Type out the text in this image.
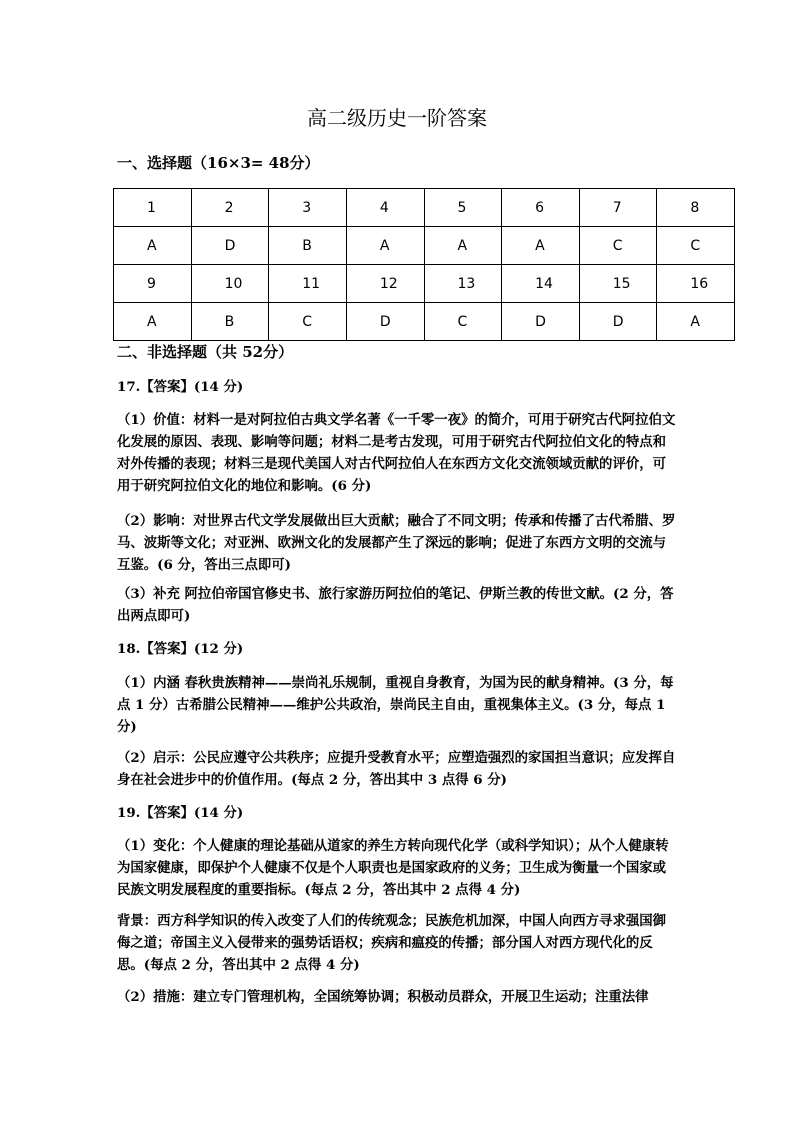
高二级历史一阶答案
一、选择题（16×3= 48分）
1	2	3	4	5	6	7	8
A	D	B	A	A	A	C	C
9	10	11	12	13	14	15	16
A	B	C	D	C	D	D	A
二、非选择题（共 52分）
17.【答案】(14 分)
（1）价值：材料一是对阿拉伯古典文学名著《一千零一夜》的简介，可用于研究古代阿拉伯文化发展的原因、表现、影响等问题；材料二是考古发现，可用于研究古代阿拉伯文化的特点和对外传播的表现；材料三是现代美国人对古代阿拉伯人在东西方文化交流领域贡献的评价，可用于研究阿拉伯文化的地位和影响。(6 分)
（2）影响：对世界古代文学发展做出巨大贡献；融合了不同文明；传承和传播了古代希腊、罗马、波斯等文化；对亚洲、欧洲文化的发展都产生了深远的影响；促进了东西方文明的交流与互鉴。(6 分，答出三点即可)
（3）补充 阿拉伯帝国官修史书、旅行家游历阿拉伯的笔记、伊斯兰教的传世文献。(2 分，答出两点即可)
18.【答案】(12 分)
（1）内涵 春秋贵族精神——崇尚礼乐规制，重视自身教育，为国为民的献身精神。(3 分，每点 1 分）古希腊公民精神——维护公共政治，崇尚民主自由，重视集体主义。(3 分，每点 1 分)
（2）启示：公民应遵守公共秩序；应提升受教育水平；应塑造强烈的家国担当意识；应发挥自身在社会进步中的价值作用。(每点 2 分，答出其中 3 点得 6 分)
19.【答案】(14 分)
（1）变化：个人健康的理论基础从道家的养生方转向现代化学（或科学知识）；从个人健康转为国家健康，即保护个人健康不仅是个人职责也是国家政府的义务；卫生成为衡量一个国家或民族文明发展程度的重要指标。(每点 2 分，答出其中 2 点得 4 分)
背景：西方科学知识的传入改变了人们的传统观念；民族危机加深，中国人向西方寻求强国御侮之道；帝国主义入侵带来的强势话语权；疾病和瘟疫的传播；部分国人对西方现代化的反思。(每点 2 分，答出其中 2 点得 4 分)
（2）措施：建立专门管理机构，全国统筹协调；积极动员群众，开展卫生运动；注重法律
